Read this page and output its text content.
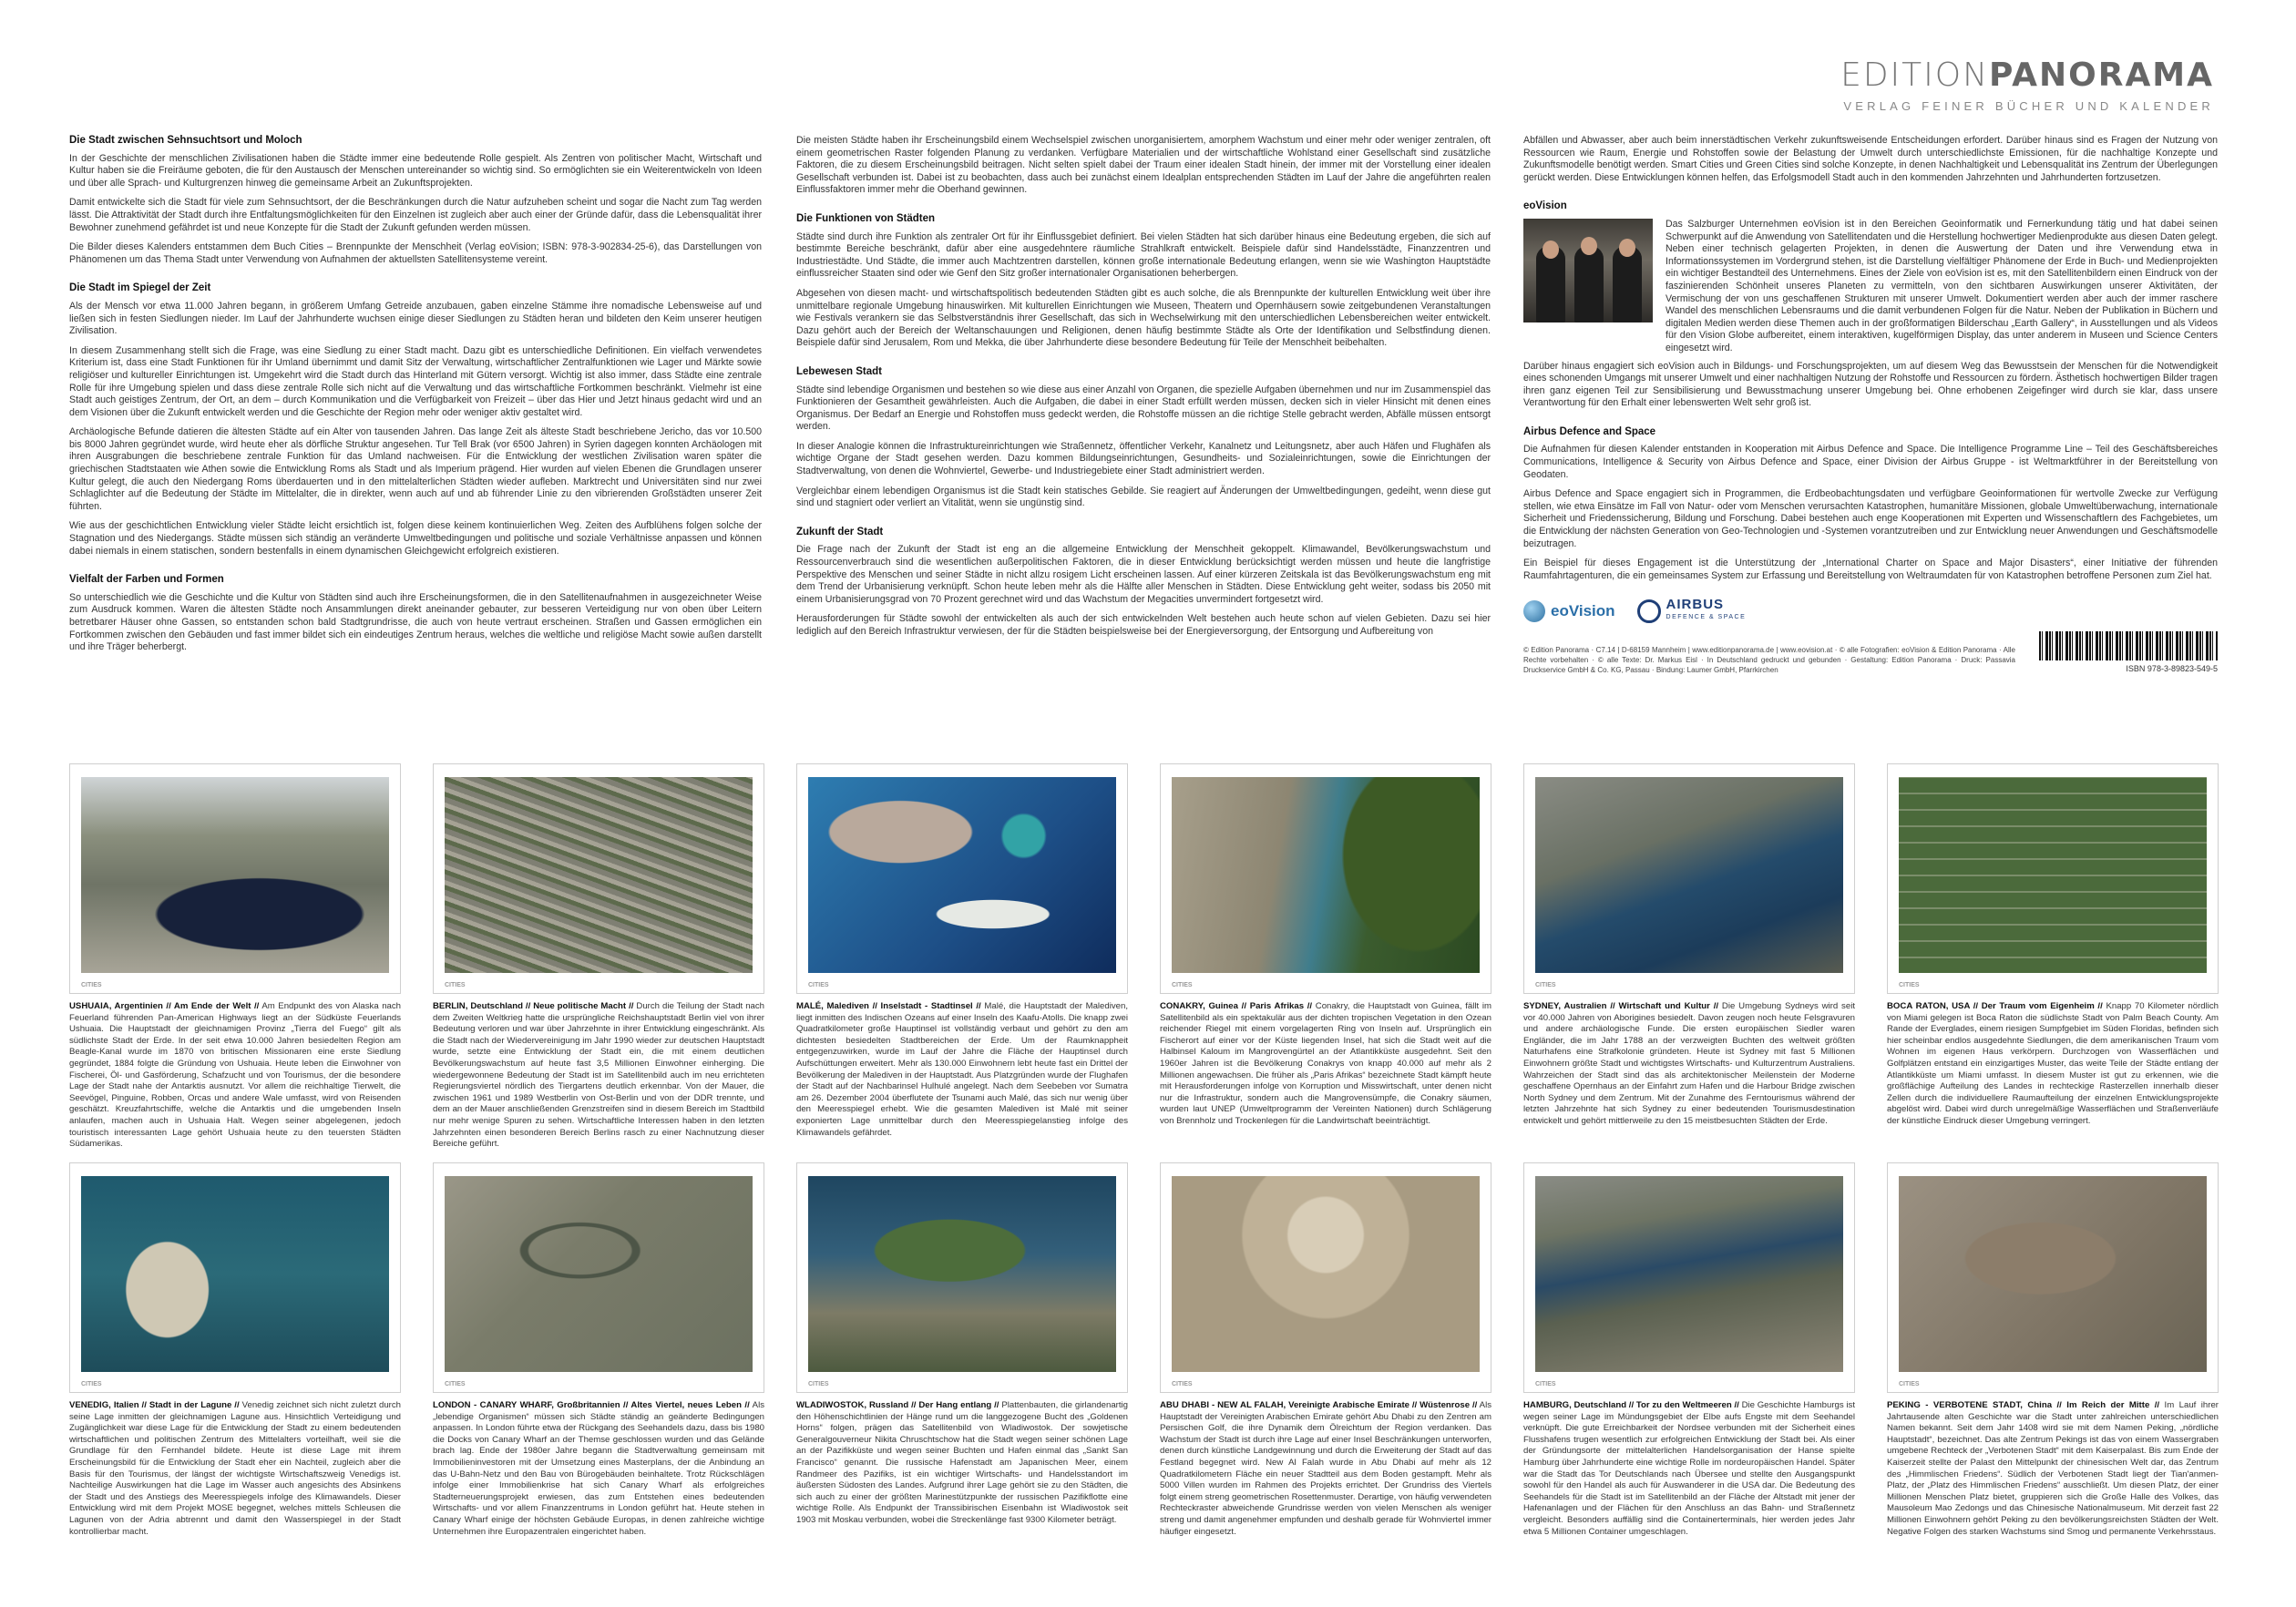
EDITIONPANORAMA
VERLAG FEINER BÜCHER UND KALENDER
Die Stadt zwischen Sehnsuchtsort und Moloch

In der Geschichte der menschlichen Zivilisationen haben die Städte immer eine bedeutende Rolle gespielt. Als Zentren von politischer Macht, Wirtschaft und Kultur haben sie die Freiräume geboten, die für den Austausch der Menschen untereinander so wichtig sind. So ermöglichten sie ein Weiterentwickeln von Ideen und über alle Sprach- und Kulturgrenzen hinweg die gemeinsame Arbeit an Zukunftsprojekten.

Damit entwickelte sich die Stadt für viele zum Sehnsuchtsort, der die Beschränkungen durch die Natur aufzuheben scheint und sogar die Nacht zum Tag werden lässt. Die Attraktivität der Stadt durch ihre Entfaltungsmöglichkeiten für den Einzelnen ist zugleich aber auch einer der Gründe dafür, dass die Lebensqualität ihrer Bewohner zunehmend gefährdet ist und neue Konzepte für die Stadt der Zukunft gefunden werden müssen.

Die Bilder dieses Kalenders entstammen dem Buch Cities – Brennpunkte der Menschheit (Verlag eoVision; ISBN: 978-3-902834-25-6), das Darstellungen von Phänomenen um das Thema Stadt unter Verwendung von Aufnahmen der aktuellsten Satellitensysteme vereint.

Die Stadt im Spiegel der Zeit

Als der Mensch vor etwa 11.000 Jahren begann, in größerem Umfang Getreide anzubauen, gaben einzelne Stämme ihre nomadische Lebensweise auf und ließen sich in festen Siedlungen nieder. Im Lauf der Jahrhunderte wuchsen einige dieser Siedlungen zu Städten heran und bildeten den Keim unserer heutigen Zivilisation.

In diesem Zusammenhang stellt sich die Frage, was eine Siedlung zu einer Stadt macht. Dazu gibt es unterschiedliche Definitionen. Ein vielfach verwendetes Kriterium ist, dass eine Stadt Funktionen für ihr Umland übernimmt und damit Sitz der Verwaltung, wirtschaftlicher Zentralfunktionen wie Lager und Märkte sowie religiöser und kultureller Einrichtungen ist. Umgekehrt wird die Stadt durch das Hinterland mit Gütern versorgt. Wichtig ist also immer, dass Städte eine zentrale Rolle für ihre Umgebung spielen und dass diese zentrale Rolle sich nicht auf die Verwaltung und das wirtschaftliche Fortkommen beschränkt. Vielmehr ist eine Stadt auch geistiges Zentrum, der Ort, an dem – durch Kommunikation und die Verfügbarkeit von Freizeit – über das Hier und Jetzt hinaus gedacht wird und an dem Visionen über die Zukunft entwickelt werden und die Geschichte der Region mehr oder weniger aktiv gestaltet wird.

Archäologische Befunde datieren die ältesten Städte auf ein Alter von tausenden Jahren. Das lange Zeit als älteste Stadt beschriebene Jericho, das vor 10.500 bis 8000 Jahren gegründet wurde, wird heute eher als dörfliche Struktur angesehen. Tur Tell Brak (vor 6500 Jahren) in Syrien dagegen konnten Archäologen mit ihren Ausgrabungen die beschriebene zentrale Funktion für das Umland nachweisen. Für die Entwicklung der westlichen Zivilisation waren später die griechischen Stadtstaaten wie Athen sowie die Entwicklung Roms als Stadt und als Imperium prägend. Hier wurden auf vielen Ebenen die Grundlagen unserer Kultur gelegt, die auch den Niedergang Roms überdauerten und in den mittelalterlichen Städten wieder aufleben. Marktrecht und Universitäten sind nur zwei Schlaglichter auf die Bedeutung der Städte im Mittelalter, die in direkter, wenn auch auf und ab führender Linie zu den vibrierenden Großstädten unserer Zeit führten.

Wie aus der geschichtlichen Entwicklung vieler Städte leicht ersichtlich ist, folgen diese keinem kontinuierlichen Weg. Zeiten des Aufblühens folgen solche der Stagnation und des Niedergangs. Städte müssen sich ständig an veränderte Umweltbedingungen und politische und soziale Verhältnisse anpassen und können dabei niemals in einem statischen, sondern bestenfalls in einem dynamischen Gleichgewicht erfolgreich existieren.

Vielfalt der Farben und Formen

So unterschiedlich wie die Geschichte und die Kultur von Städten sind auch ihre Erscheinungsformen, die in den Satellitenaufnahmen in ausgezeichneter Weise zum Ausdruck kommen. Waren die ältesten Städte noch Ansammlungen direkt aneinander gebauter, zur besseren Verteidigung nur von oben über Leitern betretbarer Häuser ohne Gassen, so entstanden schon bald Stadtgrundrisse, die auch von heute vertraut erscheinen. Straßen und Gassen ermöglichen ein Fortkommen zwischen den Gebäuden und fast immer bildet sich ein eindeutiges Zentrum heraus, welches die weltliche und religiöse Macht sowie außen darstellt und ihre Träger beherbergt.

Die meisten Städte haben ihr Erscheinungsbild einem Wechselspiel zwischen unorganisiertem, amorphem Wachstum und einer mehr oder weniger zentralen, oft einem geometrischen Raster folgenden Planung zu verdanken. Verfügbare Materialien und der wirtschaftliche Wohlstand einer Gesellschaft sind zusätzliche Faktoren, die zu diesem Erscheinungsbild beitragen. Nicht selten spielt dabei der Traum einer idealen Stadt hinein, der immer mit der Vorstellung einer idealen Gesellschaft verbunden ist. Dabei ist zu beobachten, dass auch bei zunächst einem Idealplan entsprechenden Städten im Lauf der Jahre die angeführten realen Einflussfaktoren immer mehr die Oberhand gewinnen.

Die Funktionen von Städten

Städte sind durch ihre Funktion als zentraler Ort für ihr Einflussgebiet definiert. Bei vielen Städten hat sich darüber hinaus eine Bedeutung ergeben, die sich auf bestimmte Bereiche beschränkt, dafür aber eine ausgedehntere räumliche Strahlkraft entwickelt. Beispiele dafür sind Handelsstädte, Finanzzentren und Industriestädte. Und Städte, die immer auch Machtzentren darstellen, können große internationale Bedeutung erlangen, wenn sie wie Washington Hauptstädte einflussreicher Staaten sind oder wie Genf den Sitz großer internationaler Organisationen beherbergen.

Abgesehen von diesen macht- und wirtschaftspolitisch bedeutenden Städten gibt es auch solche, die als Brennpunkte der kulturellen Entwicklung weit über ihre unmittelbare regionale Umgebung hinauswirken. Mit kulturellen Einrichtungen wie Museen, Theatern und Opernhäusern sowie zeitgebundenen Veranstaltungen wie Festivals verankern sie das Selbstverständnis ihrer Gesellschaft, das sich in Wechselwirkung mit den unterschiedlichen Lebensbereichen weiter entwickelt. Dazu gehört auch der Bereich der Weltanschauungen und Religionen, denen häufig bestimmte Städte als Orte der Identifikation und Selbstfindung dienen. Beispiele dafür sind Jerusalem, Rom und Mekka, die über Jahrhunderte diese besondere Bedeutung für Teile der Menschheit beibehalten.

Lebewesen Stadt

Städte sind lebendige Organismen und bestehen so wie diese aus einer Anzahl von Organen, die spezielle Aufgaben übernehmen und nur im Zusammenspiel das Funktionieren der Gesamtheit gewährleisten. Auch die Aufgaben, die dabei in einer Stadt erfüllt werden müssen, decken sich in vieler Hinsicht mit denen eines Organismus. Der Bedarf an Energie und Rohstoffen muss gedeckt werden, die Rohstoffe müssen an die richtige Stelle gebracht werden, Abfälle müssen entsorgt werden.

In dieser Analogie können die Infrastruktureinrichtungen wie Straßennetz, öffentlicher Verkehr, Kanalnetz und Leitungsnetz, aber auch Häfen und Flughäfen als wichtige Organe der Stadt gesehen werden. Dazu kommen Bildungseinrichtungen, Gesundheits- und Sozialeinrichtungen, sowie die Einrichtungen der Stadtverwaltung, von denen die Wohnviertel, Gewerbe- und Industriegebiete einer Stadt administriert werden.

Vergleichbar einem lebendigen Organismus ist die Stadt kein statisches Gebilde. Sie reagiert auf Änderungen der Umweltbedingungen, gedeiht, wenn diese gut sind und stagniert oder verliert an Vitalität, wenn sie ungünstig sind.

Zukunft der Stadt

Die Frage nach der Zukunft der Stadt ist eng an die allgemeine Entwicklung der Menschheit gekoppelt. Klimawandel, Bevölkerungswachstum und Ressourcenverbrauch sind die wesentlichen außerpolitischen Faktoren, die in dieser Entwicklung berücksichtigt werden müssen und heute die langfristige Perspektive des Menschen und seiner Städte in nicht allzu rosigem Licht erscheinen lassen. Auf einer kürzeren Zeitskala ist das Bevölkerungswachstum eng mit dem Trend der Urbanisierung verknüpft. Schon heute leben mehr als die Hälfte aller Menschen in Städten. Diese Entwicklung geht weiter, sodass bis 2050 mit einem Urbanisierungsgrad von 70 Prozent gerechnet wird und das Wachstum der Megacities unvermindert fortgesetzt wird.

Herausforderungen für Städte sowohl der entwickelten als auch der sich entwickelnden Welt bestehen auch heute schon auf vielen Gebieten. Dazu sei hier lediglich auf den Bereich Infrastruktur verwiesen, der für die Städten beispielsweise bei der Energieversorgung, der Entsorgung und Aufbereitung von

Abfällen und Abwasser, aber auch beim innerstädtischen Verkehr zukunftsweisende Entscheidungen erfordert. Darüber hinaus sind es Fragen der Nutzung von Ressourcen wie Raum, Energie und Rohstoffen sowie der Belastung der Umwelt durch unterschiedlichste Emissionen, für die nachhaltige Konzepte und Zukunftsmodelle benötigt werden. Smart Cities und Green Cities sind solche Konzepte, in denen Nachhaltigkeit und Lebensqualität ins Zentrum der Überlegungen gerückt werden. Diese Entwicklungen können helfen, das Erfolgsmodell Stadt auch in den kommenden Jahrzehnten und Jahrhunderten fortzusetzen.

eoVision

Das Salzburger Unternehmen eoVision ist in den Bereichen Geoinformatik und Fernerkundung tätig und hat dabei seinen Schwerpunkt auf die Anwendung von Satellitendaten und die Herstellung hochwertiger Medienprodukte aus diesen Daten gelegt. Neben einer technisch gelagerten Projekten, in denen die Auswertung der Daten und ihre Verwendung etwa in Informationssystemen im Vordergrund stehen, ist die Darstellung vielfältiger Phänomene der Erde in Buch- und Medienprojekten ein wichtiger Bestandteil des Unternehmens. Eines der Ziele von eoVision ist es, mit den Satellitenbildern einen Eindruck von der faszinierenden Schönheit unseres Planeten zu vermitteln, von den sichtbaren Auswirkungen unserer Aktivitäten, der Vermischung der von uns geschaffenen Strukturen mit unserer Umwelt. Dokumentiert werden aber auch der immer raschere Wandel des menschlichen Lebensraums und die damit verbundenen Folgen für die Natur. Neben der Publikation in Büchern und digitalen Medien werden diese Themen auch in der großformatigen Bilderschau „Earth Gallery“, in Ausstellungen und als Videos für den Vision Globe aufbereitet, einem interaktiven, kugelförmigen Display, das unter anderem in Museen und Science Centers eingesetzt wird.

Darüber hinaus engagiert sich eoVision auch in Bildungs- und Forschungsprojekten, um auf diesem Weg das Bewusstsein der Menschen für die Notwendigkeit eines schonenden Umgangs mit unserer Umwelt und einer nachhaltigen Nutzung der Rohstoffe und Ressourcen zu fördern. Ästhetisch hochwertigen Bilder tragen ihren ganz eigenen Teil zur Sensibilisierung und Bewusstmachung unserer Umgebung bei. Ohne erhobenen Zeigefinger wird durch sie klar, dass unsere Verantwortung für den Erhalt einer lebenswerten Welt sehr groß ist.

Airbus Defence and Space

Die Aufnahmen für diesen Kalender entstanden in Kooperation mit Airbus Defence and Space. Die Intelligence Programme Line – Teil des Geschäftsbereiches Communications, Intelligence & Security von Airbus Defence and Space, einer Division der Airbus Gruppe - ist Weltmarktführer in der Bereitstellung von Geodaten.

Airbus Defence and Space engagiert sich in Programmen, die Erdbeobachtungsdaten und verfügbare Geoinformationen für wertvolle Zwecke zur Verfügung stellen, wie etwa Einsätze im Fall von Natur- oder vom Menschen verursachten Katastrophen, humanitäre Missionen, globale Umweltüberwachung, internationale Sicherheit und Friedenssicherung, Bildung und Forschung. Dabei bestehen auch enge Kooperationen mit Experten und Wissenschaftlern des Fachgebietes, um die Entwicklung der nächsten Generation von Geo-Technologien und -Systemen vorantzutreiben und zur Entwicklung neuer Anwendungen und Geschäftsmodelle beizutragen.

Ein Beispiel für dieses Engagement ist die Unterstützung der „International Charter on Space and Major Disasters“, einer Initiative der führenden Raumfahrtagenturen, die ein gemeinsames System zur Erfassung und Bereitstellung von Weltraumdaten für von Katastrophen betroffene Personen zum Ziel hat.

eoVision	AIRBUS
DEFENCE & SPACE
© Edition Panorama · C7.14 | D-68159 Mannheim | www.editionpanorama.de | www.eovision.at · © alle Fotografien: eoVision & Edition Panorama · Alle Rechte vorbehalten · © alle Texte: Dr. Markus Eisl · In Deutschland gedruckt und gebunden · Gestaltung: Edition Panorama · Druck: Passavia Druckservice GmbH & Co. KG, Passau · Bindung: Laumer GmbH, Pfarrkirchen	ISBN 978-3-89823-549-5
CITIES
USHUAIA, Argentinien // Am Ende der Welt // Am Endpunkt des von Alaska nach Feuerland führenden Pan-American Highways liegt an der Südküste Feuerlands Ushuaia. Die Hauptstadt der gleichnamigen Provinz „Tierra del Fuego“ gilt als südlichste Stadt der Erde. In der seit etwa 10.000 Jahren besiedelten Region am Beagle-Kanal wurde im 1870 von britischen Missionaren eine erste Siedlung gegründet, 1884 folgte die Gründung von Ushuaia. Heute leben die Einwohner von Fischerei, Öl- und Gasförderung, Schafzucht und von Tourismus, der die besondere Lage der Stadt nahe der Antarktis ausnutzt. Vor allem die reichhaltige Tierwelt, die Seevögel, Pinguine, Robben, Orcas und andere Wale umfasst, wird von Reisenden geschätzt. Kreuzfahrtschiffe, welche die Antarktis und die umgebenden Inseln anlaufen, machen auch in Ushuaia Halt. Wegen seiner abgelegenen, jedoch touristisch interessanten Lage gehört Ushuaia heute zu den teuersten Städten Südamerikas.
CITIES
BERLIN, Deutschland // Neue politische Macht // Durch die Teilung der Stadt nach dem Zweiten Weltkrieg hatte die ursprüngliche Reichshauptstadt Berlin viel von ihrer Bedeutung verloren und war über Jahrzehnte in ihrer Entwicklung eingeschränkt. Als die Stadt nach der Wiedervereinigung im Jahr 1990 wieder zur deutschen Hauptstadt wurde, setzte eine Entwicklung der Stadt ein, die mit einem deutlichen Bevölkerungswachstum auf heute fast 3,5 Millionen Einwohner einherging. Die wiedergewonnene Bedeutung der Stadt ist im Satellitenbild auch im neu errichteten Regierungsviertel nördlich des Tiergartens deutlich erkennbar. Von der Mauer, die zwischen 1961 und 1989 Westberlin von Ost-Berlin und von der DDR trennte, und dem an der Mauer anschließenden Grenzstreifen sind in diesem Bereich im Stadtbild nur mehr wenige Spuren zu sehen. Wirtschaftliche Interessen haben in den letzten Jahrzehnten einen besonderen Bereich Berlins rasch zu einer Nachnutzung dieser Bereiche geführt.
CITIES
MALÉ, Malediven // Inselstadt - Stadtinsel // Malé, die Hauptstadt der Malediven, liegt inmitten des Indischen Ozeans auf einer Inseln des Kaafu-Atolls. Die knapp zwei Quadratkilometer große Hauptinsel ist vollständig verbaut und gehört zu den am dichtesten besiedelten Stadtbereichen der Erde. Um der Raumknappheit entgegenzuwirken, wurde im Lauf der Jahre die Fläche der Hauptinsel durch Aufschüttungen erweitert. Mehr als 130.000 Einwohnern lebt heute fast ein Drittel der Bevölkerung der Malediven in der Hauptstadt. Aus Platzgründen wurde der Flughafen der Stadt auf der Nachbarinsel Hulhulé angelegt. Nach dem Seebeben vor Sumatra am 26. Dezember 2004 überflutete der Tsunami auch Malé, das sich nur wenig über den Meeresspiegel erhebt. Wie die gesamten Malediven ist Malé mit seiner exponierten Lage unmittelbar durch den Meeresspiegelanstieg infolge des Klimawandels gefährdet.
CITIES
CONAKRY, Guinea // Paris Afrikas // Conakry, die Hauptstadt von Guinea, fällt im Satellitenbild als ein spektakulär aus der dichten tropischen Vegetation in den Ozean reichender Riegel mit einem vorgelagerten Ring von Inseln auf. Ursprünglich ein Fischerort auf einer vor der Küste liegenden Insel, hat sich die Stadt weit auf die Halbinsel Kaloum im Mangrovengürtel an der Atlantikküste ausgedehnt. Seit den 1960er Jahren ist die Bevölkerung Conakrys von knapp 40.000 auf mehr als 2 Millionen angewachsen. Die früher als „Paris Afrikas“ bezeichnete Stadt kämpft heute mit Herausforderungen infolge von Korruption und Misswirtschaft, unter denen nicht nur die Infrastruktur, sondern auch die Mangrovensümpfe, die Conakry säumen, wurden laut UNEP (Umweltprogramm der Vereinten Nationen) durch Schlägerung von Brennholz und Trockenlegen für die Landwirtschaft beeinträchtigt.
CITIES
SYDNEY, Australien // Wirtschaft und Kultur // Die Umgebung Sydneys wird seit vor 40.000 Jahren von Aborigines besiedelt. Davon zeugen noch heute Felsgravuren und andere archäologische Funde. Die ersten europäischen Siedler waren Engländer, die im Jahr 1788 an der verzweigten Buchten des weltweit größten Naturhafens eine Strafkolonie gründeten. Heute ist Sydney mit fast 5 Millionen Einwohnern größte Stadt und wichtigstes Wirtschafts- und Kulturzentrum Australiens. Wahrzeichen der Stadt sind das als architektonischer Meilenstein der Moderne geschaffene Opernhaus an der Einfahrt zum Hafen und die Harbour Bridge zwischen North Sydney und dem Zentrum. Mit der Zunahme des Ferntourismus während der letzten Jahrzehnte hat sich Sydney zu einer bedeutenden Tourismusdestination entwickelt und gehört mittlerweile zu den 15 meistbesuchten Städten der Erde.
CITIES
BOCA RATON, USA // Der Traum vom Eigenheim // Knapp 70 Kilometer nördlich von Miami gelegen ist Boca Raton die südlichste Stadt von Palm Beach County. Am Rande der Everglades, einem riesigen Sumpfgebiet im Süden Floridas, befinden sich hier scheinbar endlos ausgedehnte Siedlungen, die dem amerikanischen Traum vom Wohnen im eigenen Haus verkörpern. Durchzogen von Wasserflächen und Golfplätzen entstand ein einzigartiges Muster, das weite Teile der Städte entlang der Atlantikküste um Miami umfasst. In diesem Muster ist gut zu erkennen, wie die großflächige Aufteilung des Landes in rechteckige Rasterzellen innerhalb dieser Zellen durch die individuellere Raumaufteilung der einzelnen Entwicklungsprojekte abgelöst wird. Dabei wird durch unregelmäßige Wasserflächen und Straßenverläufe der künstliche Eindruck dieser Umgebung verringert.
CITIES
VENEDIG, Italien // Stadt in der Lagune // Venedig zeichnet sich nicht zuletzt durch seine Lage inmitten der gleichnamigen Lagune aus. Hinsichtlich Verteidigung und Zugänglichkeit war diese Lage für die Entwicklung der Stadt zu einem bedeutenden wirtschaftlichen und politischen Zentrum des Mittelalters vorteilhaft, weil sie die Grundlage für den Fernhandel bildete. Heute ist diese Lage mit ihrem Erscheinungsbild für die Entwicklung der Stadt eher ein Nachteil, zugleich aber die Basis für den Tourismus, der längst der wichtigste Wirtschaftszweig Venedigs ist. Nachteilige Auswirkungen hat die Lage im Wasser auch angesichts des Absinkens der Stadt und des Anstiegs des Meeresspiegels infolge des Klimawandels. Dieser Entwicklung wird mit dem Projekt MOSE begegnet, welches mittels Schleusen die Lagunen von der Adria abtrennt und damit den Wasserspiegel in der Stadt kontrollierbar macht.
CITIES
LONDON - CANARY WHARF, Großbritannien // Altes Viertel, neues Leben // Als „lebendige Organismen“ müssen sich Städte ständig an geänderte Bedingungen anpassen. In London führte etwa der Rückgang des Seehandels dazu, dass bis 1980 die Docks von Canary Wharf an der Themse geschlossen wurden und das Gelände brach lag. Ende der 1980er Jahre begann die Stadtverwaltung gemeinsam mit Immobilieninvestoren mit der Umsetzung eines Masterplans, der die Anbindung an das U-Bahn-Netz und den Bau von Bürogebäuden beinhaltete. Trotz Rückschlägen infolge einer Immobilienkrise hat sich Canary Wharf als erfolgreiches Stadterneuerungsprojekt erwiesen, das zum Entstehen eines bedeutenden Wirtschafts- und vor allem Finanzzentrums in London geführt hat. Heute stehen in Canary Wharf einige der höchsten Gebäude Europas, in denen zahlreiche wichtige Unternehmen ihre Europazentralen eingerichtet haben.
CITIES
WLADIWOSTOK, Russland // Der Hang entlang // Plattenbauten, die girlandenartig den Höhenschichtlinien der Hänge rund um die langgezogene Bucht des „Goldenen Horns“ folgen, prägen das Satellitenbild von Wladiwostok. Der sowjetische Generalgouverneur Nikita Chruschtschow hat die Stadt wegen seiner schönen Lage an der Pazifikküste und wegen seiner Buchten und Hafen einmal das „Sankt San Francisco“ genannt. Die russische Hafenstadt am Japanischen Meer, einem Randmeer des Pazifiks, ist ein wichtiger Wirtschafts- und Handelsstandort im äußersten Südosten des Landes. Aufgrund ihrer Lage gehört sie zu den Städten, die sich auch zu einer der größten Marinestützpunkte der russischen Pazifikflotte eine wichtige Rolle. Als Endpunkt der Transsibirischen Eisenbahn ist Wladiwostok seit 1903 mit Moskau verbunden, wobei die Streckenlänge fast 9300 Kilometer beträgt.
CITIES
ABU DHABI - NEW AL FALAH, Vereinigte Arabische Emirate // Wüstenrose // Als Hauptstadt der Vereinigten Arabischen Emirate gehört Abu Dhabi zu den Zentren am Persischen Golf, die ihre Dynamik dem Ölreichtum der Region verdanken. Das Wachstum der Stadt ist durch ihre Lage auf einer Insel Beschränkungen unterworfen, denen durch künstliche Landgewinnung und durch die Erweiterung der Stadt auf das Festland begegnet wird. New Al Falah wurde in Abu Dhabi auf mehr als 12 Quadratkilometern Fläche ein neuer Stadtteil aus dem Boden gestampft. Mehr als 5000 Villen wurden im Rahmen des Projekts errichtet. Der Grundriss des Viertels folgt einem streng geometrischen Rosettenmuster. Derartige, von häufig verwendeten Rechteckraster abweichende Grundrisse werden von vielen Menschen als weniger streng und damit angenehmer empfunden und deshalb gerade für Wohnviertel immer häufiger eingesetzt.
CITIES
HAMBURG, Deutschland // Tor zu den Weltmeeren // Die Geschichte Hamburgs ist wegen seiner Lage im Mündungsgebiet der Elbe aufs Engste mit dem Seehandel verknüpft. Die gute Erreichbarkeit der Nordsee verbunden mit der Sicherheit eines Flusshafens trugen wesentlich zur erfolgreichen Entwicklung der Stadt bei. Als einer der Gründungsorte der mittelalterlichen Handelsorganisation der Hanse spielte Hamburg über Jahrhunderte eine wichtige Rolle im nordeuropäischen Handel. Später war die Stadt das Tor Deutschlands nach Übersee und stellte den Ausgangspunkt sowohl für den Handel als auch für Auswanderer in die USA dar. Die Bedeutung des Seehandels für die Stadt ist im Satellitenbild an der Fläche der Altstadt mit jener der Hafenanlagen und der Flächen für den Anschluss an das Bahn- und Straßennetz vergleicht. Besonders auffällig sind die Containerterminals, hier werden jedes Jahr etwa 5 Millionen Container umgeschlagen.
CITIES
PEKING - VERBOTENE STADT, China // Im Reich der Mitte // Im Lauf ihrer Jahrtausende alten Geschichte war die Stadt unter zahlreichen unterschiedlichen Namen bekannt. Seit dem Jahr 1408 wird sie mit dem Namen Peking, „nördliche Hauptstadt“, bezeichnet. Das alte Zentrum Pekings ist das von einem Wassergraben umgebene Rechteck der „Verbotenen Stadt“ mit dem Kaiserpalast. Bis zum Ende der Kaiserzeit stellte der Palast den Mittelpunkt der chinesischen Welt dar, das Zentrum des „Himmlischen Friedens“. Südlich der Verbotenen Stadt liegt der Tian'anmen-Platz, der „Platz des Himmlischen Friedens“ ausschließt. Um diesen Platz, der einer Millionen Menschen Platz bietet, gruppieren sich die Große Halle des Volkes, das Mausoleum Mao Zedongs und das Chinesische Nationalmuseum. Mit derzeit fast 22 Millionen Einwohnern gehört Peking zu den bevölkerungsreichsten Städten der Welt. Negative Folgen des starken Wachstums sind Smog und permanente Verkehrsstaus.
